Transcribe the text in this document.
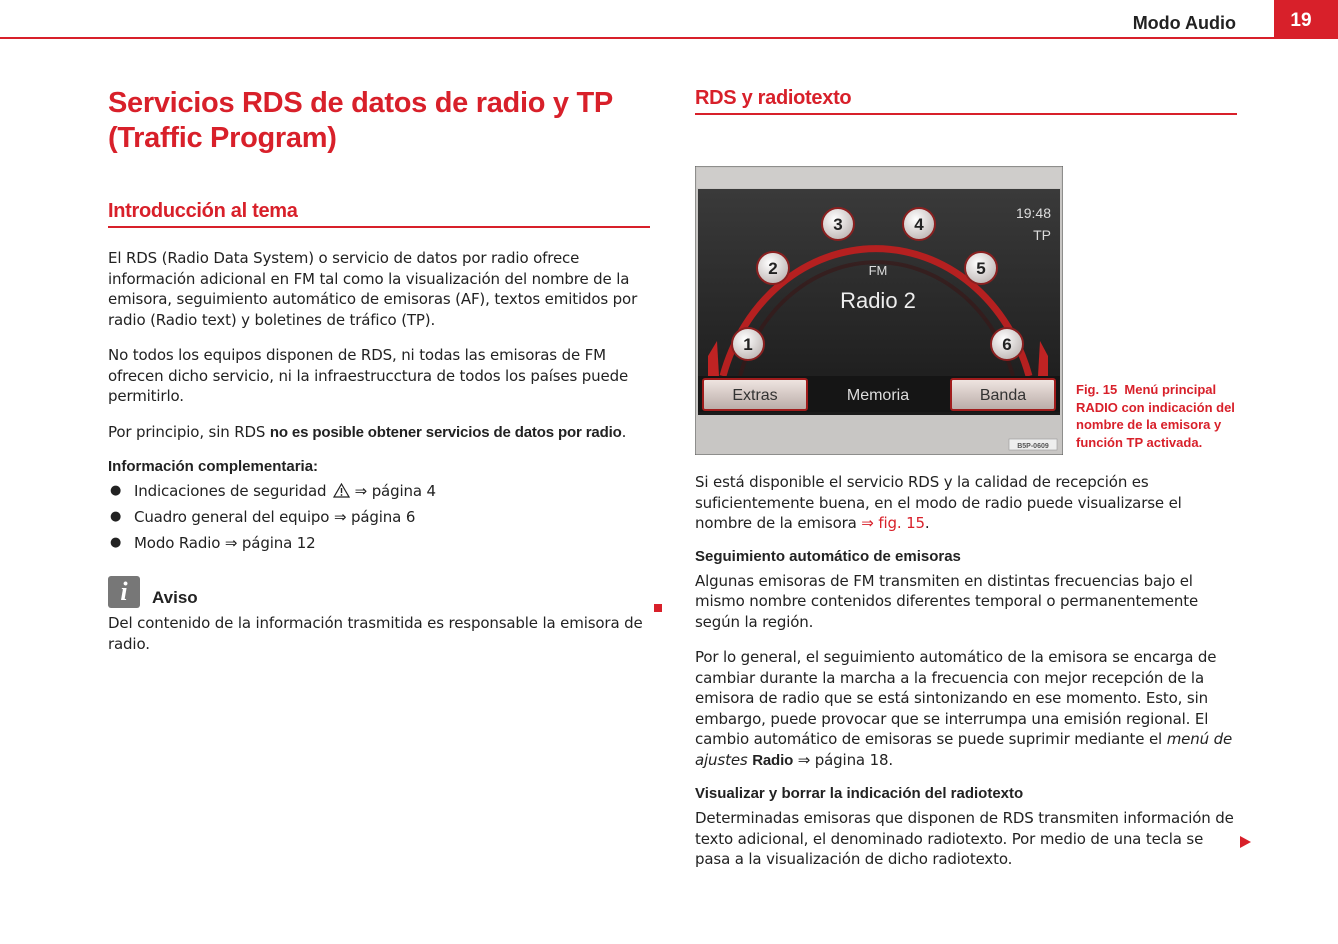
Modo Audio	19
Servicios RDS de datos de radio y TP (Traffic Program)
Introducción al tema

El RDS (Radio Data System) o servicio de datos por radio ofrece información adicional en FM tal como la visualización del nombre de la emisora, seguimiento automático de emisoras (AF), textos emitidos por radio (Radio text) y boletines de tráfico (TP).

No todos los equipos disponen de RDS, ni todas las emisoras de FM ofrecen dicho servicio, ni la infraestrucctura de todos los países puede permitirlo.

Por principio, sin RDS no es posible obtener servicios de datos por radio.

Información complementaria:

● Indicaciones de seguridad ⇒ página 4
● Cuadro general del equipo ⇒ página 6
● Modo Radio ⇒ página 12
i	Aviso

Del contenido de la información trasmitida es responsable la emisora de radio.

RDS y radiotexto
1
2
3	4
5
6
FM
Radio 2
19:48
TP
Extras	Memoria	Banda
B5P-0609
Fig. 15 Menú principal RADIO con indicación del nombre de la emisora y función TP activada.

Si está disponible el servicio RDS y la calidad de recepción es suficientemente buena, en el modo de radio puede visualizarse el nombre de la emisora ⇒ fig. 15.

Seguimiento automático de emisoras

Algunas emisoras de FM transmiten en distintas frecuencias bajo el mismo nombre contenidos diferentes temporal o permanentemente según la región.

Por lo general, el seguimiento automático de la emisora se encarga de cambiar durante la marcha a la frecuencia con mejor recepción de la emisora de radio que se está sintonizando en ese momento. Esto, sin embargo, puede provocar que se interrumpa una emisión regional. El cambio automático de emisoras se puede suprimir mediante el menú de ajustes Radio ⇒ página 18.

Visualizar y borrar la indicación del radiotexto

Determinadas emisoras que disponen de RDS transmiten información de texto adicional, el denominado radiotexto. Por medio de una tecla se pasa a la visualización de dicho radiotexto.
